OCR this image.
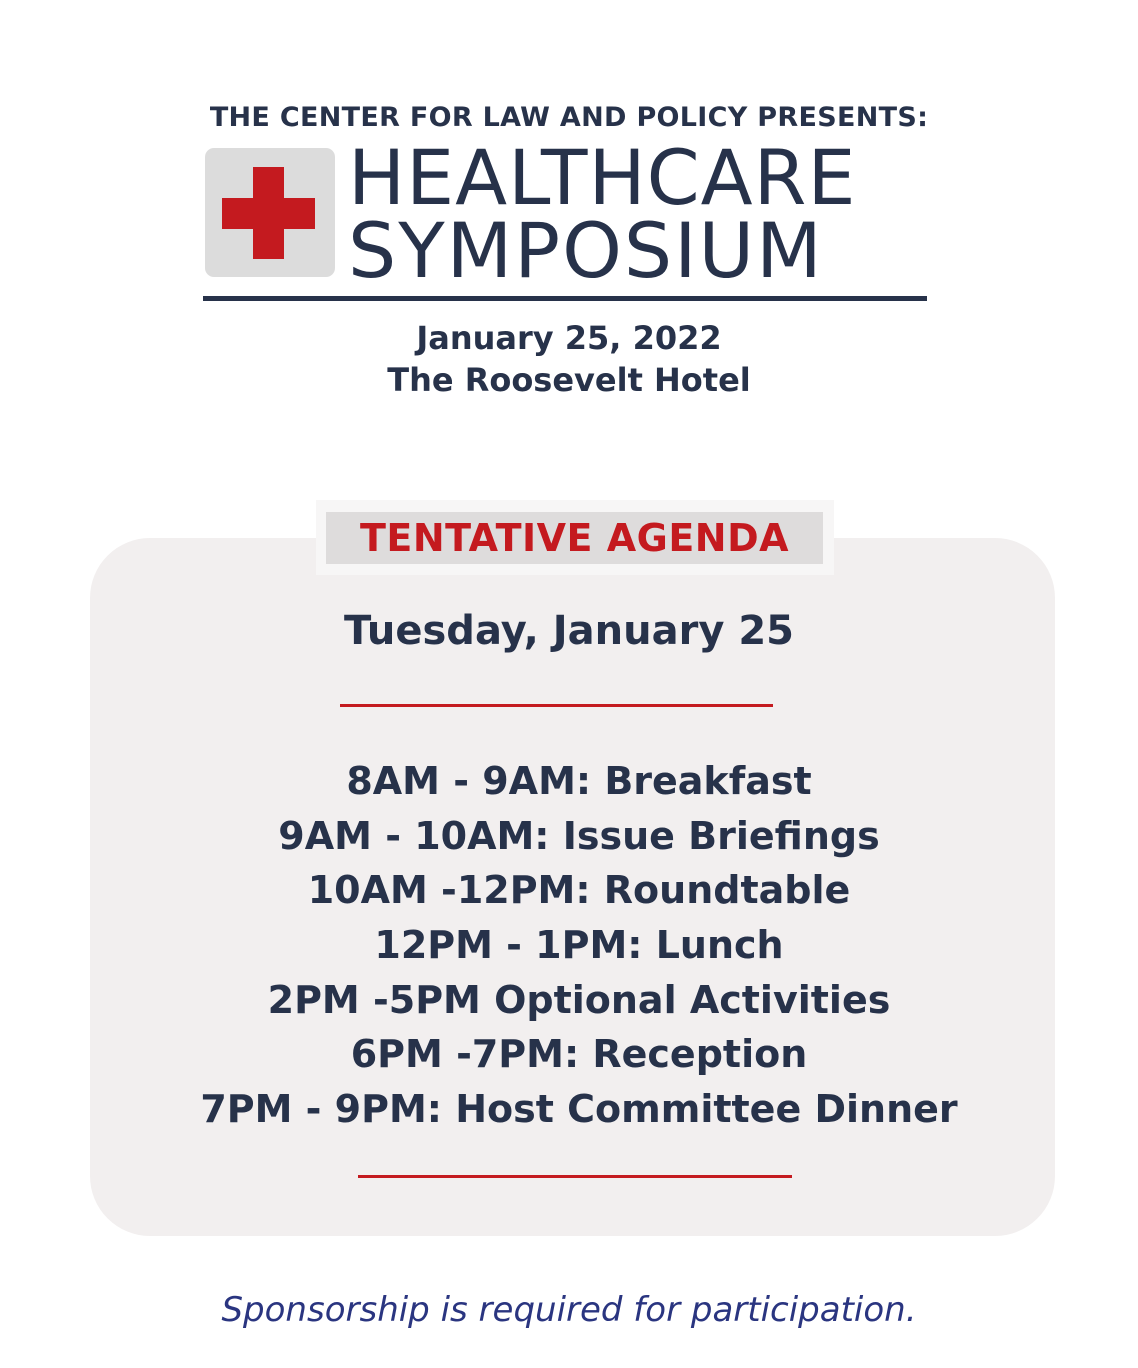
THE CENTER FOR LAW AND POLICY PRESENTS:
HEALTHCARE
SYMPOSIUM
January 25, 2022
The Roosevelt Hotel
TENTATIVE AGENDA
Tuesday, January 25
8AM - 9AM: Breakfast
9AM - 10AM: Issue Briefings
10AM -12PM: Roundtable
12PM - 1PM: Lunch
2PM -5PM Optional Activities
6PM -7PM: Reception
7PM - 9PM: Host Committee Dinner
Sponsorship is required for participation.
